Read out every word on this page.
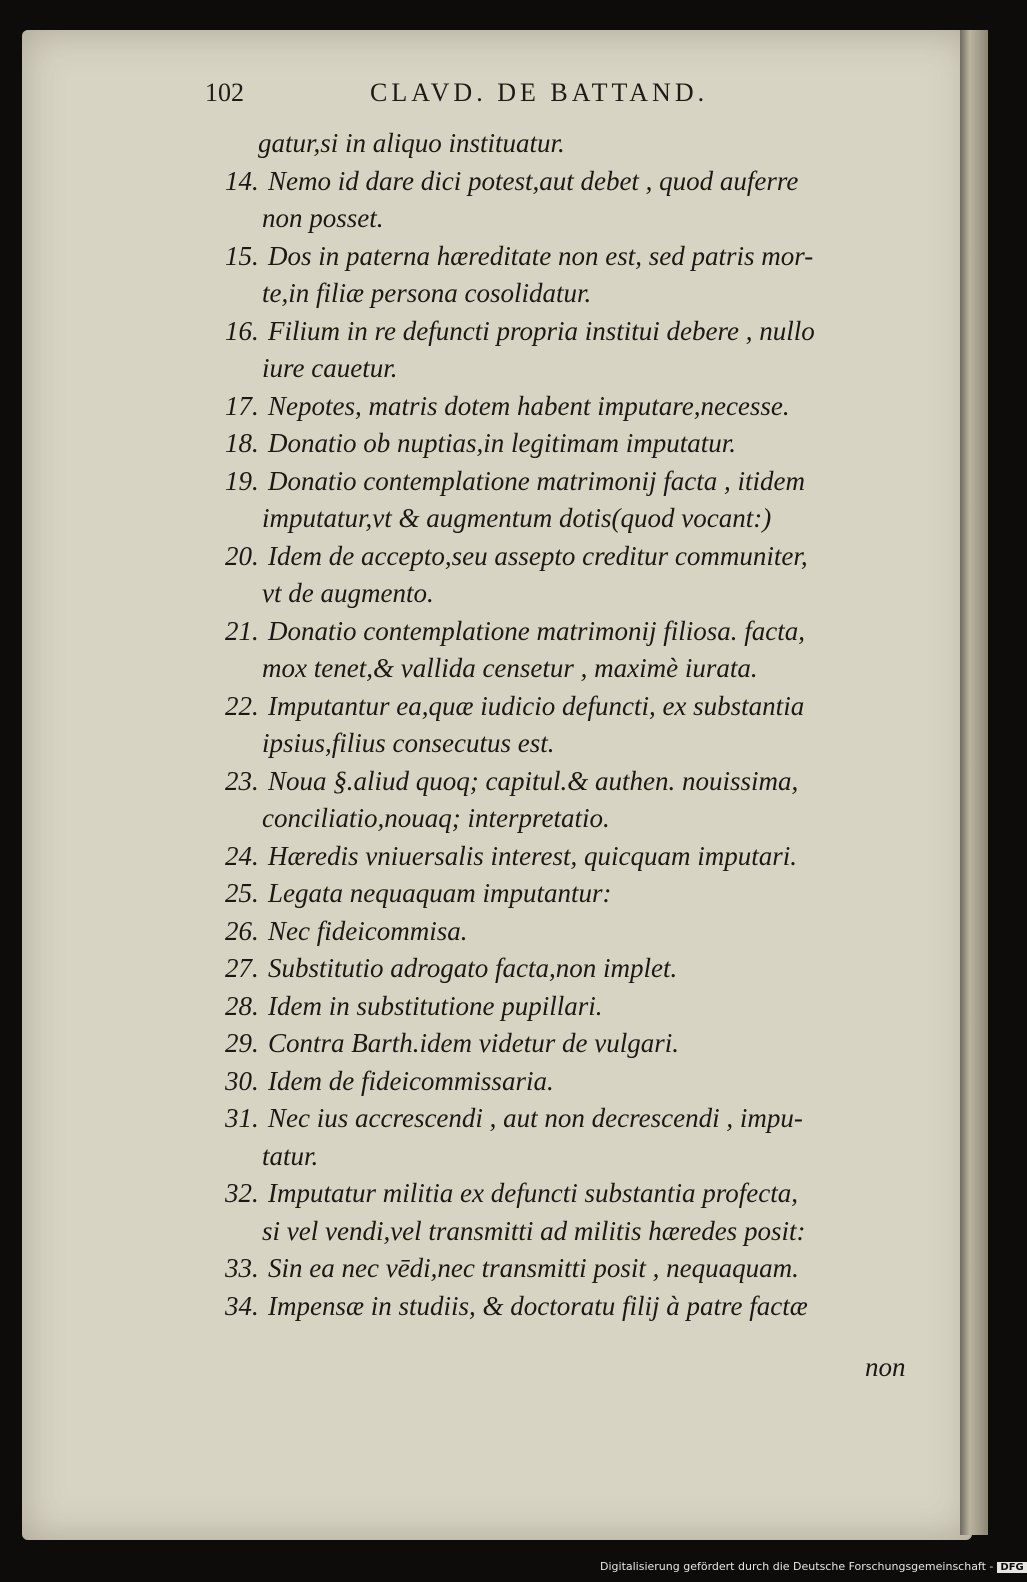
102	CLAVD. DE BATTAND.
gatur,si in aliquo instituatur.
14. Nemo id dare dici potest,aut debet , quod auferre
non posset.
15. Dos in paterna hæreditate non est, sed patris mor-
te,in filiæ persona cosolidatur.
16. Filium in re defuncti propria institui debere , nullo
iure cauetur.
17. Nepotes, matris dotem habent imputare,necesse.
18. Donatio ob nuptias,in legitimam imputatur.
19. Donatio contemplatione matrimonij facta , itidem
imputatur,vt & augmentum dotis(quod vocant:)
20. Idem de accepto,seu assepto creditur communiter,
vt de augmento.
21. Donatio contemplatione matrimonij filiosa. facta,
mox tenet,& vallida censetur , maximè iurata.
22. Imputantur ea,quæ iudicio defuncti, ex substantia
ipsius,filius consecutus est.
23. Noua §.aliud quoq; capitul.& authen. nouissima,
conciliatio,nouaq; interpretatio.
24. Hæredis vniuersalis interest, quicquam imputari.
25. Legata nequaquam imputantur:
26. Nec fideicommisa.
27. Substitutio adrogato facta,non implet.
28. Idem in substitutione pupillari.
29. Contra Barth.idem videtur de vulgari.
30. Idem de fideicommissaria.
31. Nec ius accrescendi , aut non decrescendi , impu-
tatur.
32. Imputatur militia ex defuncti substantia profecta,
si vel vendi,vel transmitti ad militis hæredes posit:
33. Sin ea nec vēdi,nec transmitti posit , nequaquam.
34. Impensæ in studiis, & doctoratu filij à patre factæ
non
Digitalisierung gefördert durch die Deutsche Forschungsgemeinschaft - DFG
